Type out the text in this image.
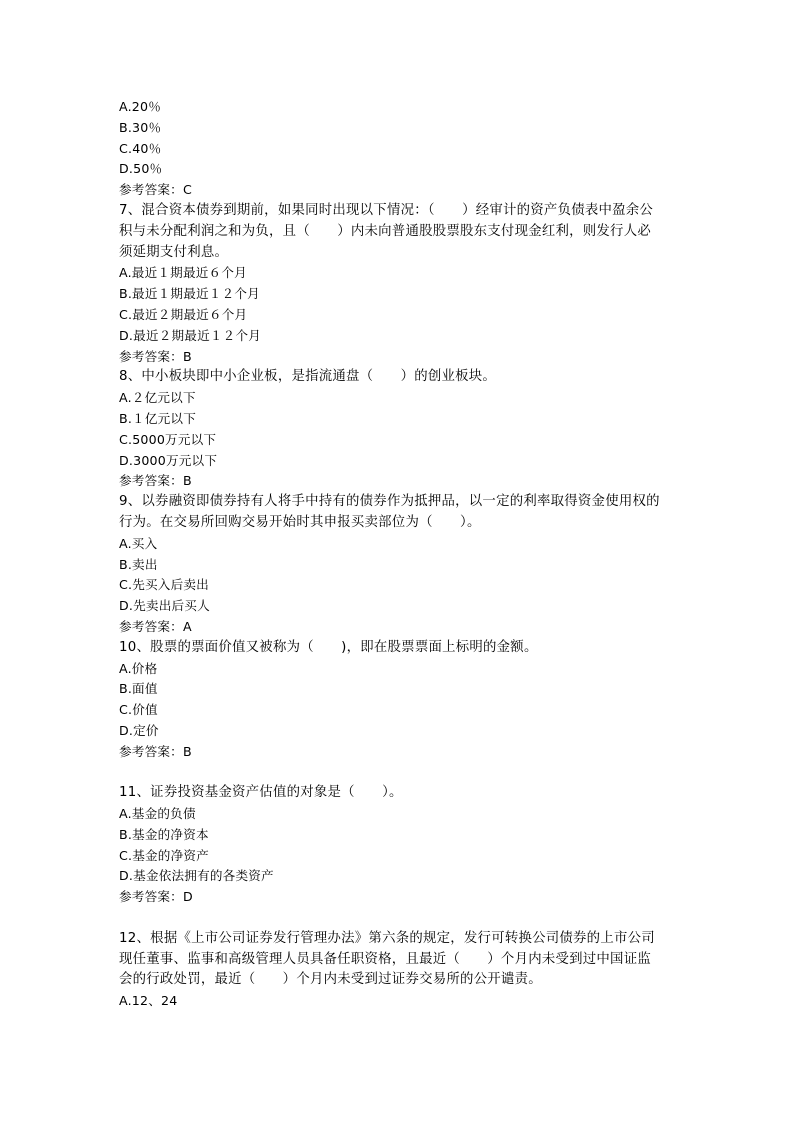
A.20％
B.30％
C.40％
D.50％
参考答案：C
7、混合资本债券到期前，如果同时出现以下情况：（　　）经审计的资产负债表中盈余公
积与未分配利润之和为负，且（　　）内未向普通股股票股东支付现金红利，则发行人必
须延期支付利息。
A.最近１期最近６个月
B.最近１期最近１２个月
C.最近２期最近６个月
D.最近２期最近１２个月
参考答案：B
8、中小板块即中小企业板，是指流通盘（　　）的创业板块。
A.２亿元以下
B.１亿元以下
C.5000万元以下
D.3000万元以下
参考答案：B
9、以券融资即债券持有人将手中持有的债券作为抵押品，以一定的利率取得资金使用权的
行为。在交易所回购交易开始时其申报买卖部位为（　　）。
A.买入
B.卖出
C.先买入后卖出
D.先卖出后买人
参考答案：A
10、股票的票面价值又被称为（　　)，即在股票票面上标明的金额。
A.价格
B.面值
C.价值
D.定价
参考答案：B
11、证券投资基金资产估值的对象是（　　）。
A.基金的负债
B.基金的净资本
C.基金的净资产
D.基金依法拥有的各类资产
参考答案：D
12、根据《上市公司证券发行管理办法》第六条的规定，发行可转换公司债券的上市公司
现任董事、监事和高级管理人员具备任职资格，且最近（　　）个月内未受到过中国证监
会的行政处罚，最近（　　）个月内未受到过证券交易所的公开谴责。
A.12、24
